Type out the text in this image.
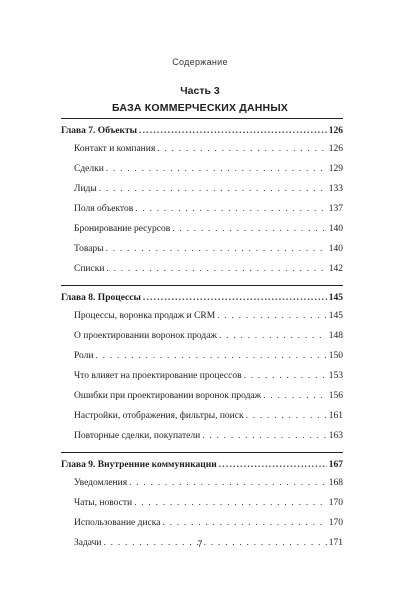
Содержание
Часть 3
БАЗА КОММЕРЧЕСКИХ ДАННЫХ
Глава 7. Объекты .....	126
Контакт и компания . . .	126
Сделки . . .	129
Лиды . . .	133
Поля объектов . . .	137
Бронирование ресурсов . . .	140
Товары . . .	140
Списки . . .	142
Глава 8. Процессы .....	145
Процессы, воронка продаж и CRM . . .	145
О проектировании воронок продаж . . .	148
Роли . . .	150
Что влияет на проектирование процессов . . .	153
Ошибки при проектировании воронок продаж . . .	156
Настройки, отображения, фильтры, поиск . . .	161
Повторные сделки, покупатели . . .	163
Глава 9. Внутренние коммуникации .....	167
Уведомления . . .	168
Чаты, новости . . .	170
Использование диска . . .	170
Задачи . . .	171
7
